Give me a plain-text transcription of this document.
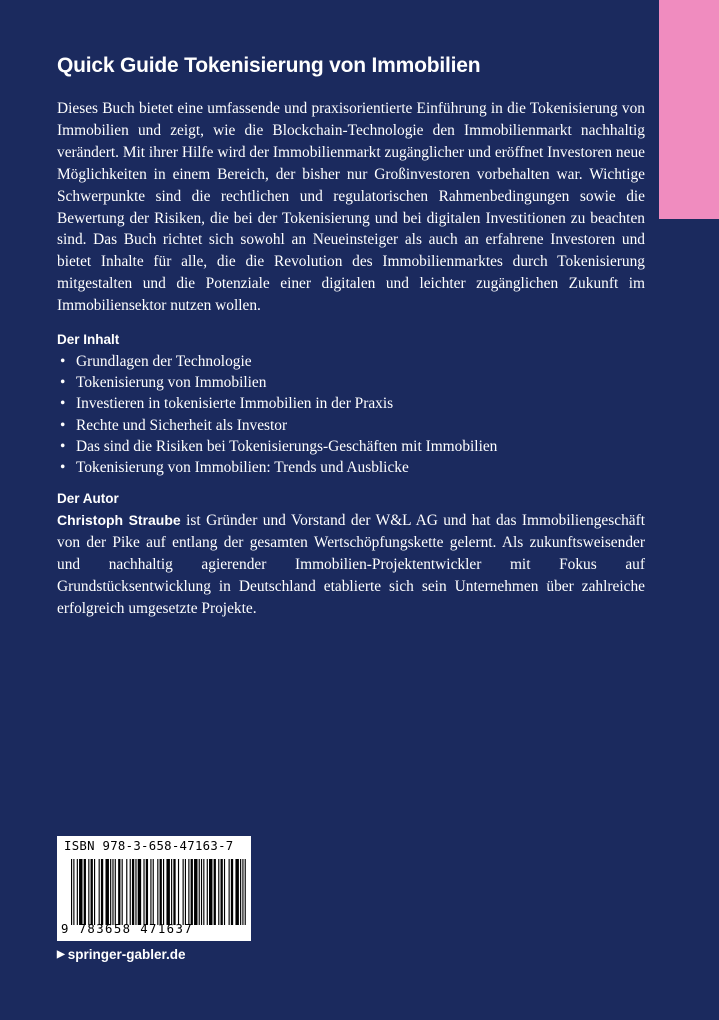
Quick Guide Tokenisierung von Immobilien

Dieses Buch bietet eine umfassende und praxisorientierte Einführung in die Tokenisierung von Immobilien und zeigt, wie die Blockchain-Technologie den Immobilienmarkt nachhaltig verändert. Mit ihrer Hilfe wird der Immobilienmarkt zugänglicher und eröffnet Investoren neue Möglichkeiten in einem Bereich, der bisher nur Großinvestoren vorbehalten war. Wichtige Schwerpunkte sind die rechtlichen und regulatorischen Rahmenbedingungen sowie die Bewertung der Risiken, die bei der Tokenisierung und bei digitalen Investitionen zu beachten sind. Das Buch richtet sich sowohl an Neueinsteiger als auch an erfahrene Investoren und bietet Inhalte für alle, die die Revolution des Immobilienmarktes durch Tokenisierung mitgestalten und die Potenziale einer digitalen und leichter zugänglichen Zukunft im Immobiliensektor nutzen wollen.

Der Inhalt
• Grundlagen der Technologie
• Tokenisierung von Immobilien
• Investieren in tokenisierte Immobilien in der Praxis
• Rechte und Sicherheit als Investor
• Das sind die Risiken bei Tokenisierungs-Geschäften mit Immobilien
• Tokenisierung von Immobilien: Trends und Ausblicke
Der Autor

Christoph Straube ist Gründer und Vorstand der W&L AG und hat das Immobiliengeschäft von der Pike auf entlang der gesamten Wertschöpfungskette gelernt. Als zukunftsweisender und nachhaltig agierender Immobilien-Projektentwickler mit Fokus auf Grundstücksentwicklung in Deutschland etablierte sich sein Unternehmen über zahlreiche erfolgreich umgesetzte Projekte.

ISBN 978-3-658-47163-7
9 783658 471637
▶ springer-gabler.de
